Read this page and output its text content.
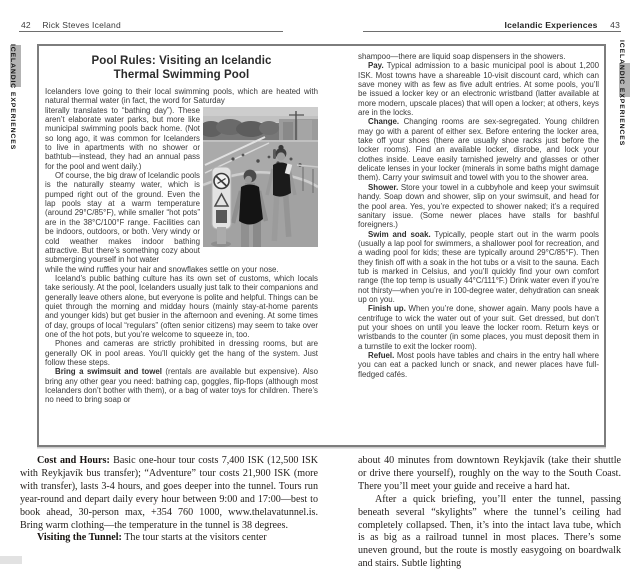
42 Rick Steves Iceland	Icelandic Experiences 43
ICELANDIC EXPERIENCES	ICELANDIC EXPERIENCES
Pool Rules: Visiting an Icelandic
Thermal Swimming Pool

Icelanders love going to their local swimming pools, which are heated with natural thermal water (in fact, the word for Saturday

literally translates to “bathing day”). These aren’t elaborate water parks, but more like municipal swimming pools back home. (Not so long ago, it was common for Icelanders to live in apartments with no shower or bathtub—instead, they had an annual pass for the pool and went daily.)

Of course, the big draw of Icelandic pools is the naturally steamy water, which is pumped right out of the ground. Even the lap pools stay at a warm temperature (around 29°C/85°F), while smaller “hot pots” are in the 38°C/100°F range. Facilities can be indoors, outdoors, or both. Very windy or cold weather makes indoor bathing attractive. But there’s something cozy about submerging yourself in hot water

while the wind ruffles your hair and snowflakes settle on your nose.

Iceland’s public bathing culture has its own set of customs, which locals take seriously. At the pool, Icelanders usually just talk to their companions and generally leave others alone, but everyone is polite and helpful. Things can be quiet through the morning and midday hours (mainly stay-at-home parents and younger kids) but get busier in the afternoon and evening. At some times of day, groups of local “regulars” (often senior citizens) may seem to take over one of the hot pots, but you’re welcome to squeeze in, too.

Phones and cameras are strictly prohibited in dressing rooms, but are generally OK in pool areas. You’ll quickly get the hang of the system. Just follow these steps.

Bring a swimsuit and towel (rentals are available but expensive). Also bring any other gear you need: bathing cap, goggles, flip-flops (although most Icelanders don’t bother with them), or a bag of water toys for children. There’s no need to bring soap or

shampoo—there are liquid soap dispensers in the showers.

Pay. Typical admission to a basic municipal pool is about 1,200 ISK. Most towns have a shareable 10-visit discount card, which can save money with as few as five adult entries. At some pools, you’ll be issued a locker key or an electronic wristband (latter available at more modern, upscale places) that will open a locker; at others, keys are in the locks.

Change. Changing rooms are sex-segregated. Young children may go with a parent of either sex. Before entering the locker area, take off your shoes (there are usually shoe racks just before the locker rooms). Find an available locker, disrobe, and lock your clothes inside. Leave easily tarnished jewelry and glasses or other delicate lenses in your locker (minerals in some baths might damage them). Carry your swimsuit and towel with you to the shower area.

Shower. Store your towel in a cubbyhole and keep your swimsuit handy. Soap down and shower, slip on your swimsuit, and head for the pool area. Yes, you’re expected to shower naked; it’s a required sanitary issue. (Some newer places have stalls for bashful foreigners.)

Swim and soak. Typically, people start out in the warm pools (usually a lap pool for swimmers, a shallower pool for recreation, and a wading pool for kids; these are typically around 29°C/85°F). Then they finish off with a soak in the hot tubs or a visit to the sauna. Each tub is marked in Celsius, and you’ll quickly find your own comfort range (the top temp is usually 44°C/111°F.) Drink water even if you’re not thirsty—when you’re in 100-degree water, dehydration can sneak up on you.

Finish up. When you’re done, shower again. Many pools have a centrifuge to wick the water out of your suit. Get dressed, but don’t put your shoes on until you leave the locker room. Return keys or wristbands to the counter (in some places, you must deposit them in a turnstile to exit the locker room).

Refuel. Most pools have tables and chairs in the entry hall where you can eat a packed lunch or snack, and newer places have full-fledged cafés.

Cost and Hours: Basic one-hour tour costs 7,400 ISK (12,500 ISK with Reykjavík bus transfer); “Adventure” tour costs 21,900 ISK (more with transfer), lasts 3-4 hours, and goes deeper into the tunnel. Tours run year-round and depart daily every hour between 9:00 and 17:00—best to book ahead, 30-person max, +354 760 1000, www.thelavatunnel.is. Bring warm clothing—the temperature in the tunnel is 38 degrees.

Visiting the Tunnel: The tour starts at the visitors center

about 40 minutes from downtown Reykjavík (take their shuttle or drive there yourself), roughly on the way to the South Coast. There you’ll meet your guide and receive a hard hat.

After a quick briefing, you’ll enter the tunnel, passing beneath several “skylights” where the tunnel’s ceiling had completely collapsed. Then, it’s into the intact lava tube, which is as big as a railroad tunnel in most places. There’s some uneven ground, but the route is mostly easygoing on boardwalk and stairs. Subtle lighting
